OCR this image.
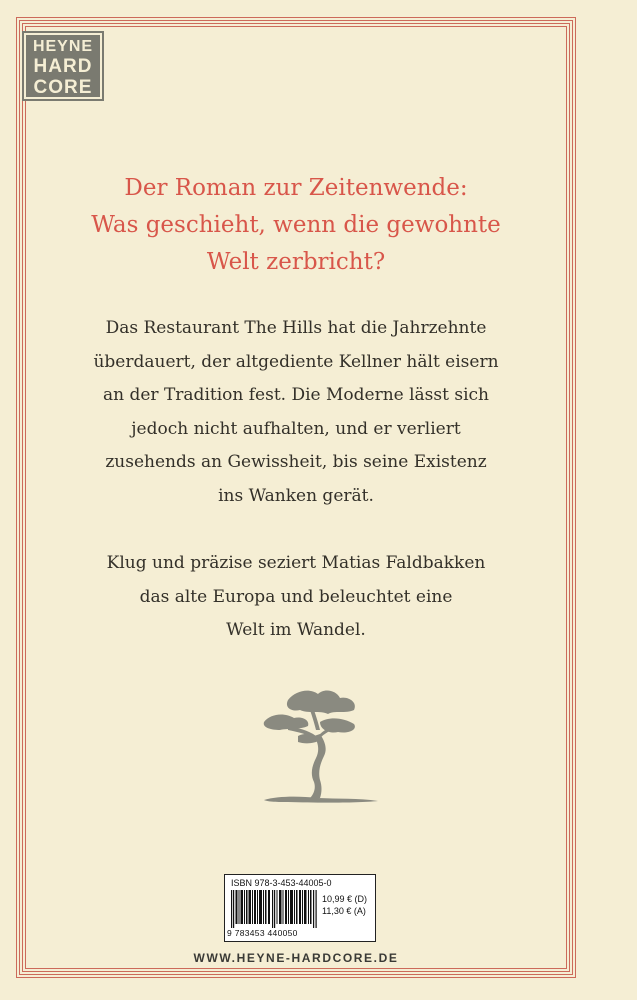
HEYNE
HARD
CORE
Der Roman zur Zeitenwende:
Was geschieht, wenn die gewohnte
Welt zerbricht?
Das Restaurant The Hills hat die Jahrzehnte
überdauert, der altgediente Kellner hält eisern
an der Tradition fest. Die Moderne lässt sich
jedoch nicht aufhalten, und er verliert
zusehends an Gewissheit, bis seine Existenz
ins Wanken gerät.
Klug und präzise seziert Matias Faldbakken
das alte Europa und beleuchtet eine
Welt im Wandel.
ISBN 978-3-453-44005-0
9 783453 440050
10,99 € (D)
11,30 € (A)
WWW.HEYNE-HARDCORE.DE
